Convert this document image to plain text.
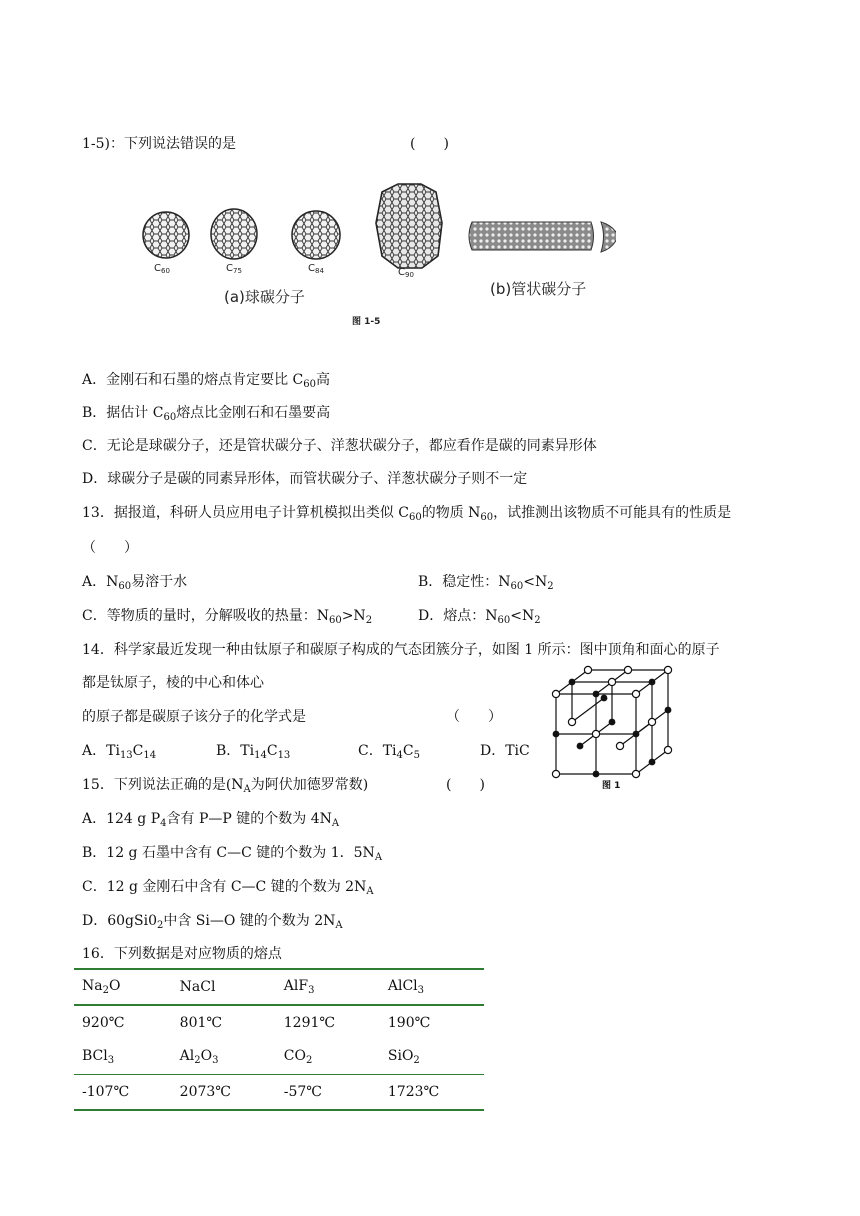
1-5)：下列说法错误的是	(　　)
$C_{60}$	$C_{75}$	$C_{84}$	$C_{90}$
(a)球碳分子	(b)管状碳分子
图 1-5
A．金刚石和石墨的熔点肯定要比 $C_{60}$高
B．据估计 $C_{60}$熔点比金刚石和石墨要高
C．无论是球碳分子，还是管状碳分子、洋葱状碳分子，都应看作是碳的同素异形体
D．球碳分子是碳的同素异形体，而管状碳分子、洋葱状碳分子则不一定
13．据报道，科研人员应用电子计算机模拟出类似 $C_{60}$的物质 $N_{60}$，试推测出该物质不可能具有的性质是
（　　）
A．$N_{60}$易溶于水	B．稳定性：$N_{60}<N_2$
C．等物质的量时，分解吸收的热量：$N_{60}>N_2$	D．熔点：$N_{60}<N_2$
14．科学家最近发现一种由钛原子和碳原子构成的气态团簇分子，如图 1 所示：图中顶角和面心的原子
都是钛原子，棱的中心和体心
的原子都是碳原子该分子的化学式是	（　　）
A．$Ti_{13}C_{14}$	B．$Ti_{14}C_{13}$	C．$Ti_4C_5$	D．TiC
图 1
15．下列说法正确的是($N_A$为阿伏加德罗常数)	(　　)
A．124 g $P_4$含有 P—P 键的个数为 $4N_A$
B．12 g 石墨中含有 C—C 键的个数为 1．$5N_A$
C．12 g 金刚石中含有 C—C 键的个数为 $2N_A$
D．$60gSi0_2$中含 Si—O 键的个数为 $2N_A$
16．下列数据是对应物质的熔点
$Na_2O$	NaCl	AlF$_3$	AlCl$_3$
920℃	801℃	1291℃	190℃
BCl$_3$	$Al_2O_3$	$CO_2$	SiO$_2$
-107℃	2073℃	-57℃	1723℃
